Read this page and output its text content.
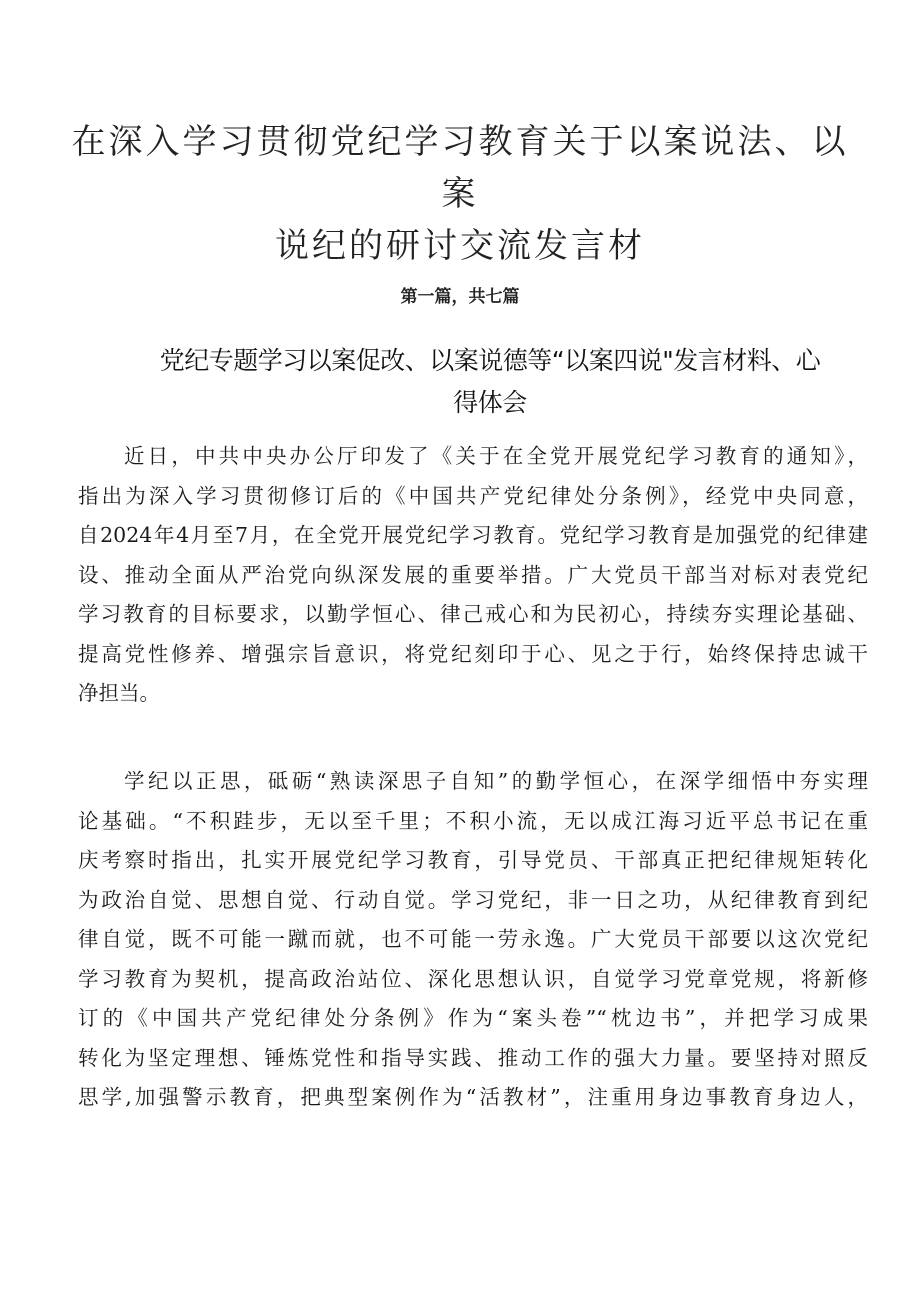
在深入学习贯彻党纪学习教育关于以案说法、以案
说纪的研讨交流发言材
第一篇，共七篇
党纪专题学习以案促改、以案说德等“以案四说"发言材料、心
得体会
近日，中共中央办公厅印发了《关于在全党开展党纪学习教育的通知》，
指出为深入学习贯彻修订后的《中国共产党纪律处分条例》，经党中央同意，
自2024年4月至7月，在全党开展党纪学习教育。党纪学习教育是加强党的纪律建
设、推动全面从严治党向纵深发展的重要举措。广大党员干部当对标对表党纪
学习教育的目标要求，以勤学恒心、律己戒心和为民初心，持续夯实理论基础、
提高党性修养、增强宗旨意识，将党纪刻印于心、见之于行，始终保持忠诚干
净担当。
学纪以正思，砥砺“熟读深思子自知”的勤学恒心，在深学细悟中夯实理
论基础。“不积跬步，无以至千里；不积小流，无以成江海习近平总书记在重
庆考察时指出，扎实开展党纪学习教育，引导党员、干部真正把纪律规矩转化
为政治自觉、思想自觉、行动自觉。学习党纪，非一日之功，从纪律教育到纪
律自觉，既不可能一蹴而就，也不可能一劳永逸。广大党员干部要以这次党纪
学习教育为契机，提高政治站位、深化思想认识，自觉学习党章党规，将新修
订的《中国共产党纪律处分条例》作为“案头卷”“枕边书”，并把学习成果
转化为坚定理想、锤炼党性和指导实践、推动工作的强大力量。要坚持对照反
思学,加强警示教育，把典型案例作为“活教材”，注重用身边事教育身边人，
